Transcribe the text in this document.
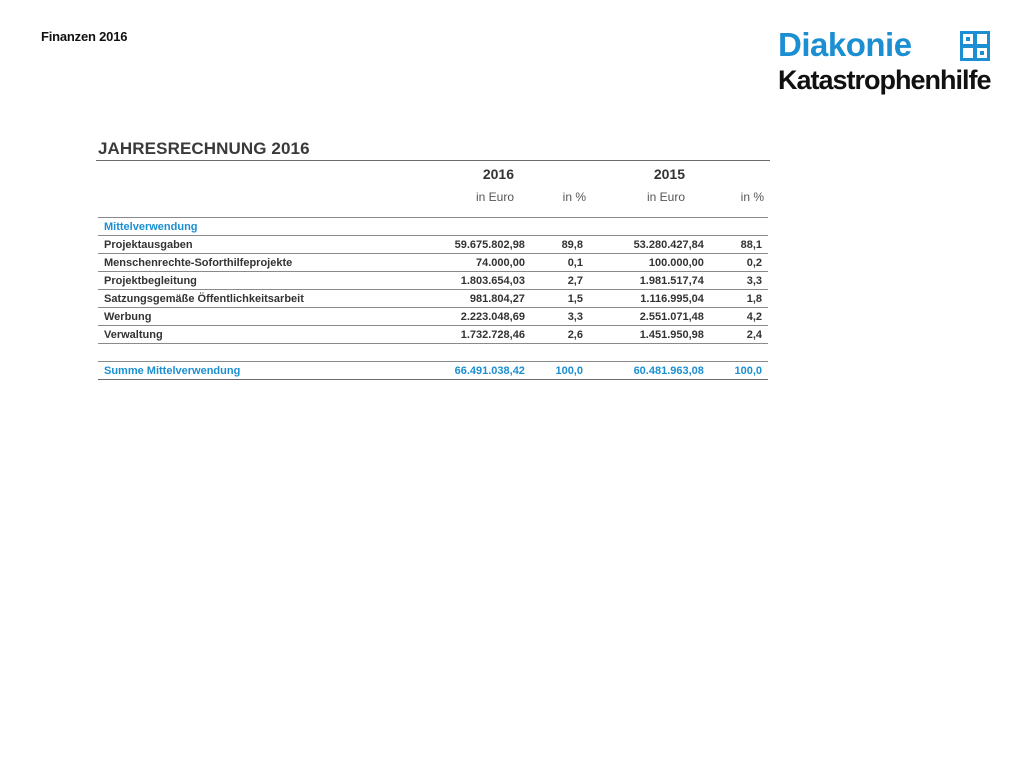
Finanzen 2016	Diakonie
Katastrophenhilfe
JAHRESRECHNUNG 2016
2016	2015
in Euro	in %	in Euro	in %
Mittelverwendung				
Projektausgaben	59.675.802,98	89,8	53.280.427,84	88,1
Menschenrechte-Soforthilfeprojekte	74.000,00	0,1	100.000,00	0,2
Projektbegleitung	1.803.654,03	2,7	1.981.517,74	3,3
Satzungsgemäße Öffentlichkeitsarbeit	981.804,27	1,5	1.116.995,04	1,8
Werbung	2.223.048,69	3,3	2.551.071,48	4,2
Verwaltung	1.732.728,46	2,6	1.451.950,98	2,4

Summe Mittelverwendung	66.491.038,42	100,0	60.481.963,08	100,0
